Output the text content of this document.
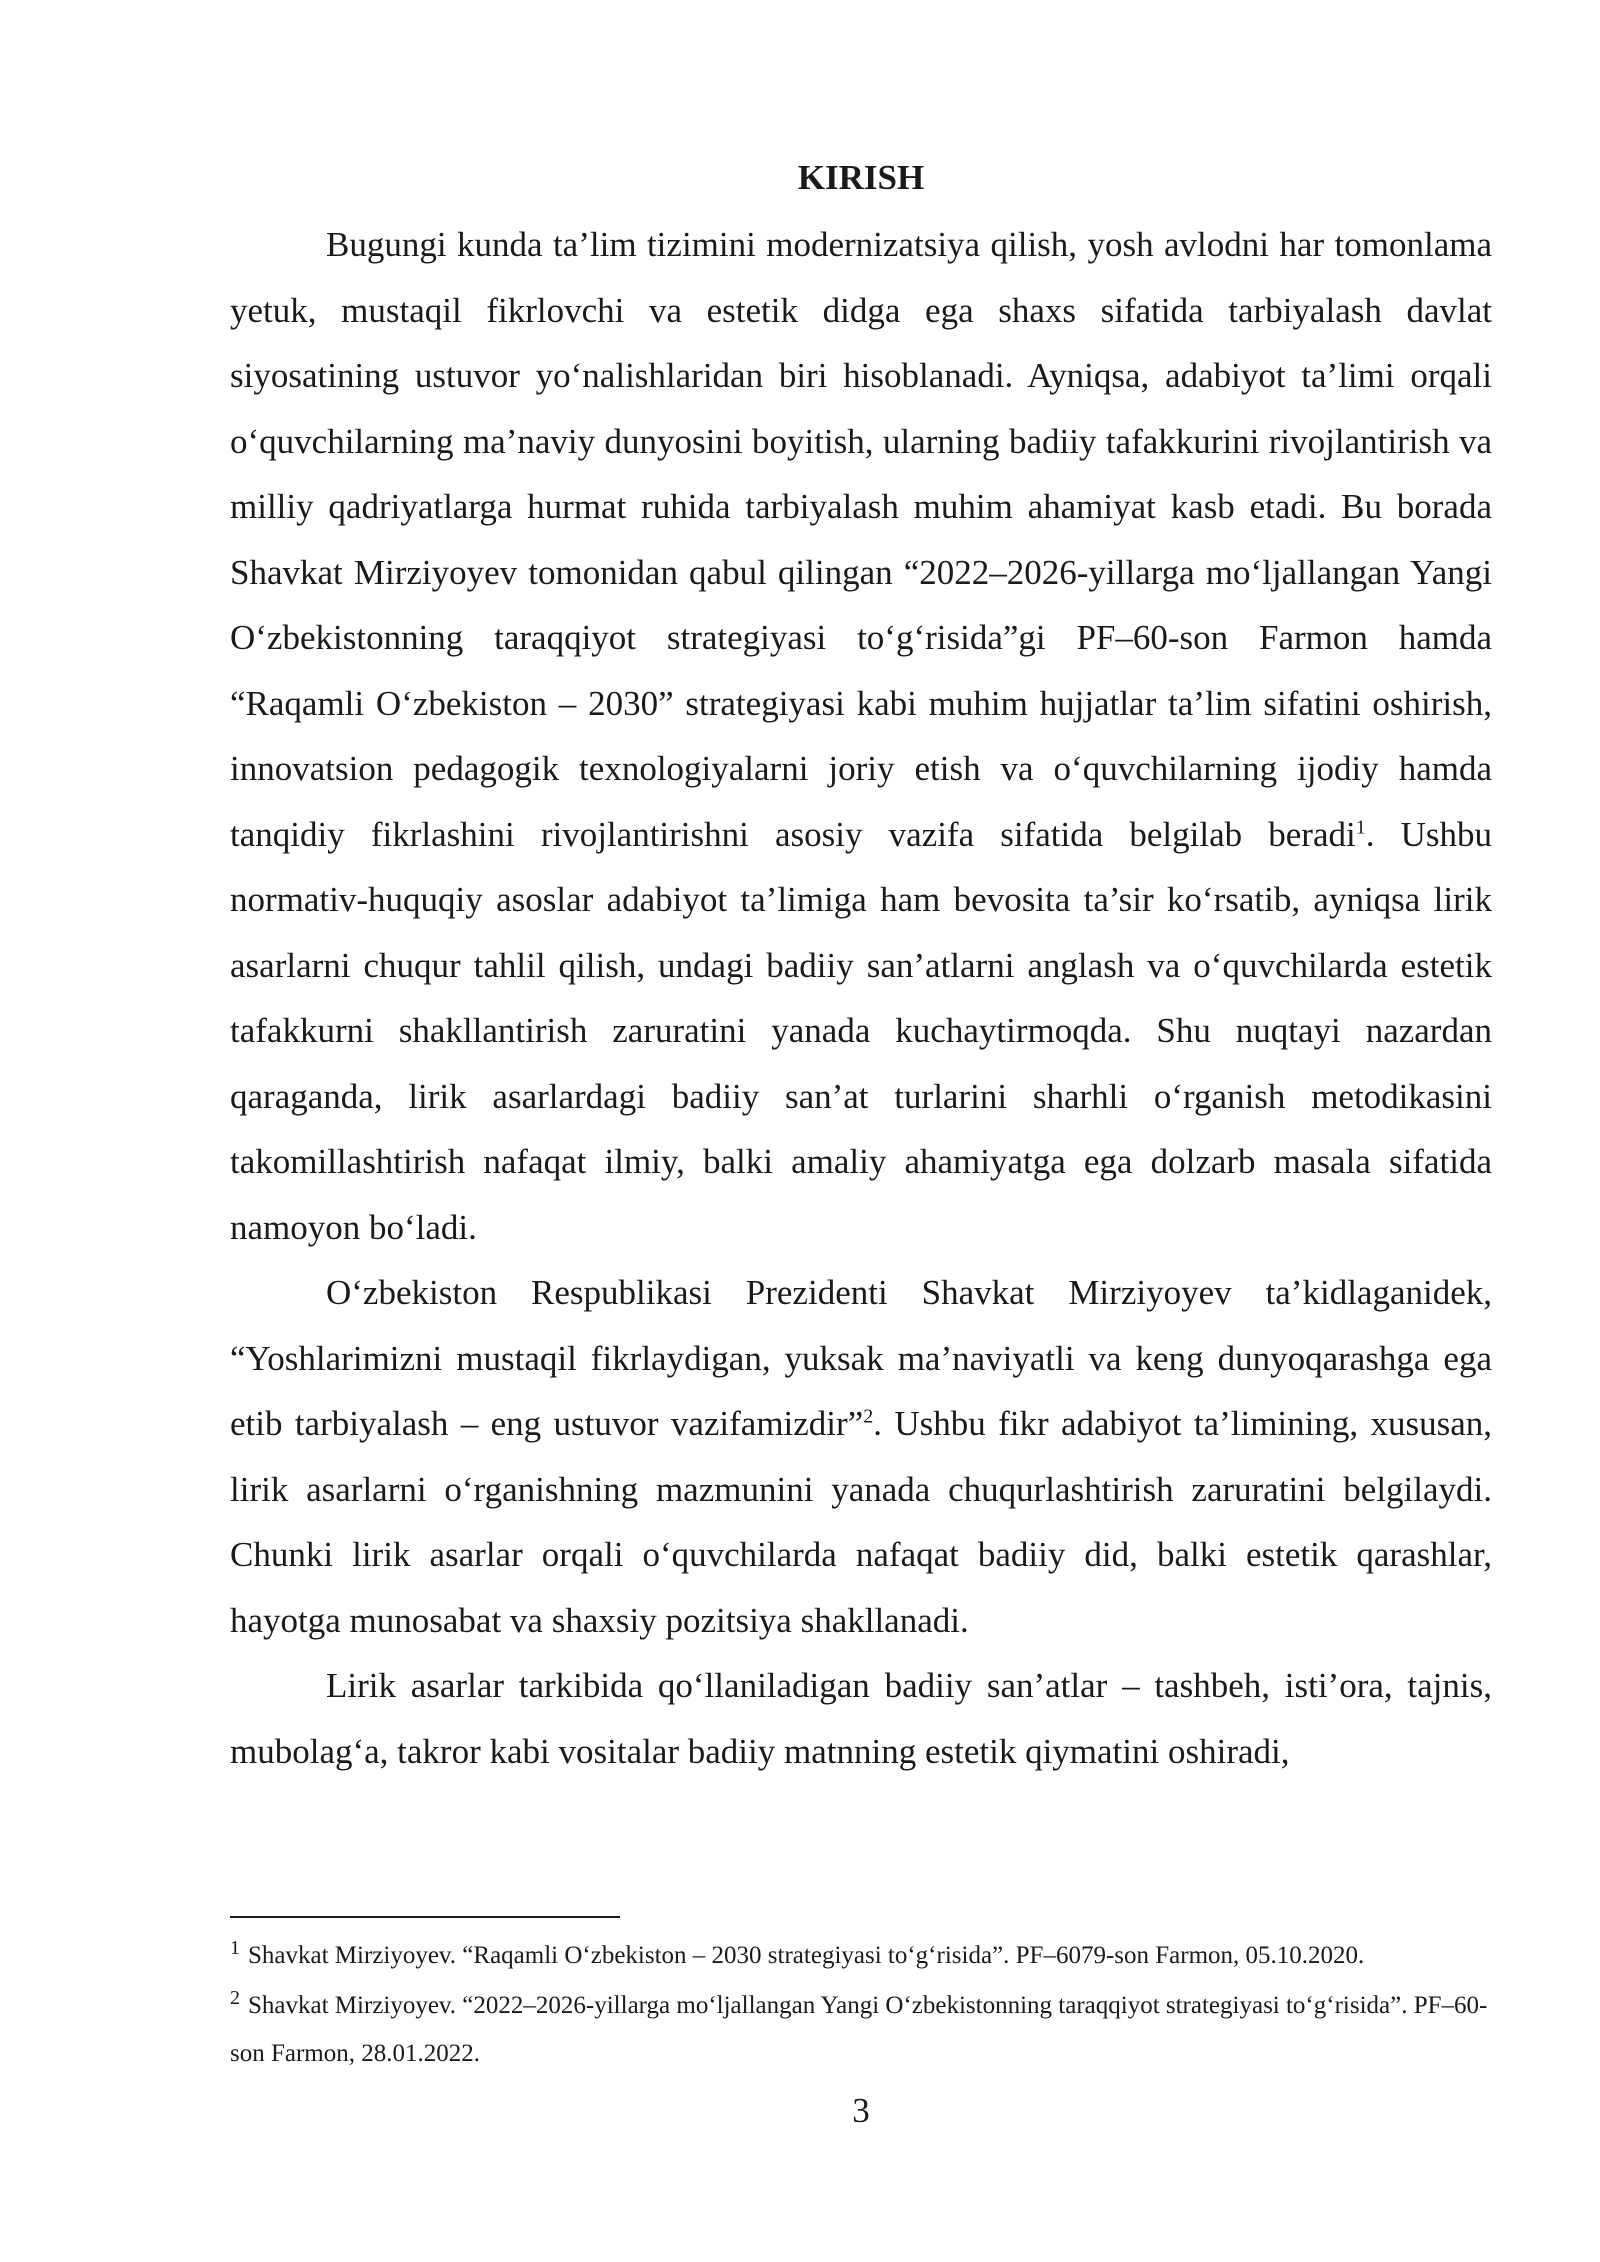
KIRISH

Bugungi kunda ta’lim tizimini modernizatsiya qilish, yosh avlodni har tomonlama yetuk, mustaqil fikrlovchi va estetik didga ega shaxs sifatida tarbiyalash davlat siyosatining ustuvor yo‘nalishlaridan biri hisoblanadi. Ayniqsa, adabiyot ta’limi orqali o‘quvchilarning ma’naviy dunyosini boyitish, ularning badiiy tafakkurini rivojlantirish va milliy qadriyatlarga hurmat ruhida tarbiyalash muhim ahamiyat kasb etadi. Bu borada Shavkat Mirziyoyev tomonidan qabul qilingan “2022–2026-yillarga mo‘ljallangan Yangi O‘zbekistonning taraqqiyot strategiyasi to‘g‘risida”gi PF–60-son Farmon hamda “Raqamli O‘zbekiston – 2030” strategiyasi kabi muhim hujjatlar ta’lim sifatini oshirish, innovatsion pedagogik texnologiyalarni joriy etish va o‘quvchilarning ijodiy hamda tanqidiy fikrlashini rivojlantirishni asosiy vazifa sifatida belgilab beradi$^1$. Ushbu normativ-huquqiy asoslar adabiyot ta’limiga ham bevosita ta’sir ko‘rsatib, ayniqsa lirik asarlarni chuqur tahlil qilish, undagi badiiy san’atlarni anglash va o‘quvchilarda estetik tafakkurni shakllantirish zaruratini yanada kuchaytirmoqda. Shu nuqtayi nazardan qaraganda, lirik asarlardagi badiiy san’at turlarini sharhli o‘rganish metodikasini takomillashtirish nafaqat ilmiy, balki amaliy ahamiyatga ega dolzarb masala sifatida namoyon bo‘ladi.

O‘zbekiston Respublikasi Prezidenti Shavkat Mirziyoyev ta’kidlaganidek, “Yoshlarimizni mustaqil fikrlaydigan, yuksak ma’naviyatli va keng dunyoqarashga ega etib tarbiyalash – eng ustuvor vazifamizdir”$^2$. Ushbu fikr adabiyot ta’limining, xususan, lirik asarlarni o‘rganishning mazmunini yanada chuqurlashtirish zaruratini belgilaydi. Chunki lirik asarlar orqali o‘quvchilarda nafaqat badiiy did, balki estetik qarashlar, hayotga munosabat va shaxsiy pozitsiya shakllanadi.

Lirik asarlar tarkibida qo‘llaniladigan badiiy san’atlar – tashbeh, isti’ora, tajnis, mubolag‘a, takror kabi vositalar badiiy matnning estetik qiymatini oshiradi,

$^1$ Shavkat Mirziyoyev. “Raqamli O‘zbekiston – 2030 strategiyasi to‘g‘risida”. PF–6079-son Farmon, 05.10.2020.

$^2$ Shavkat Mirziyoyev. “2022–2026-yillarga mo‘ljallangan Yangi O‘zbekistonning taraqqiyot strategiyasi to‘g‘risida”. PF–60-son Farmon, 28.01.2022.

3
